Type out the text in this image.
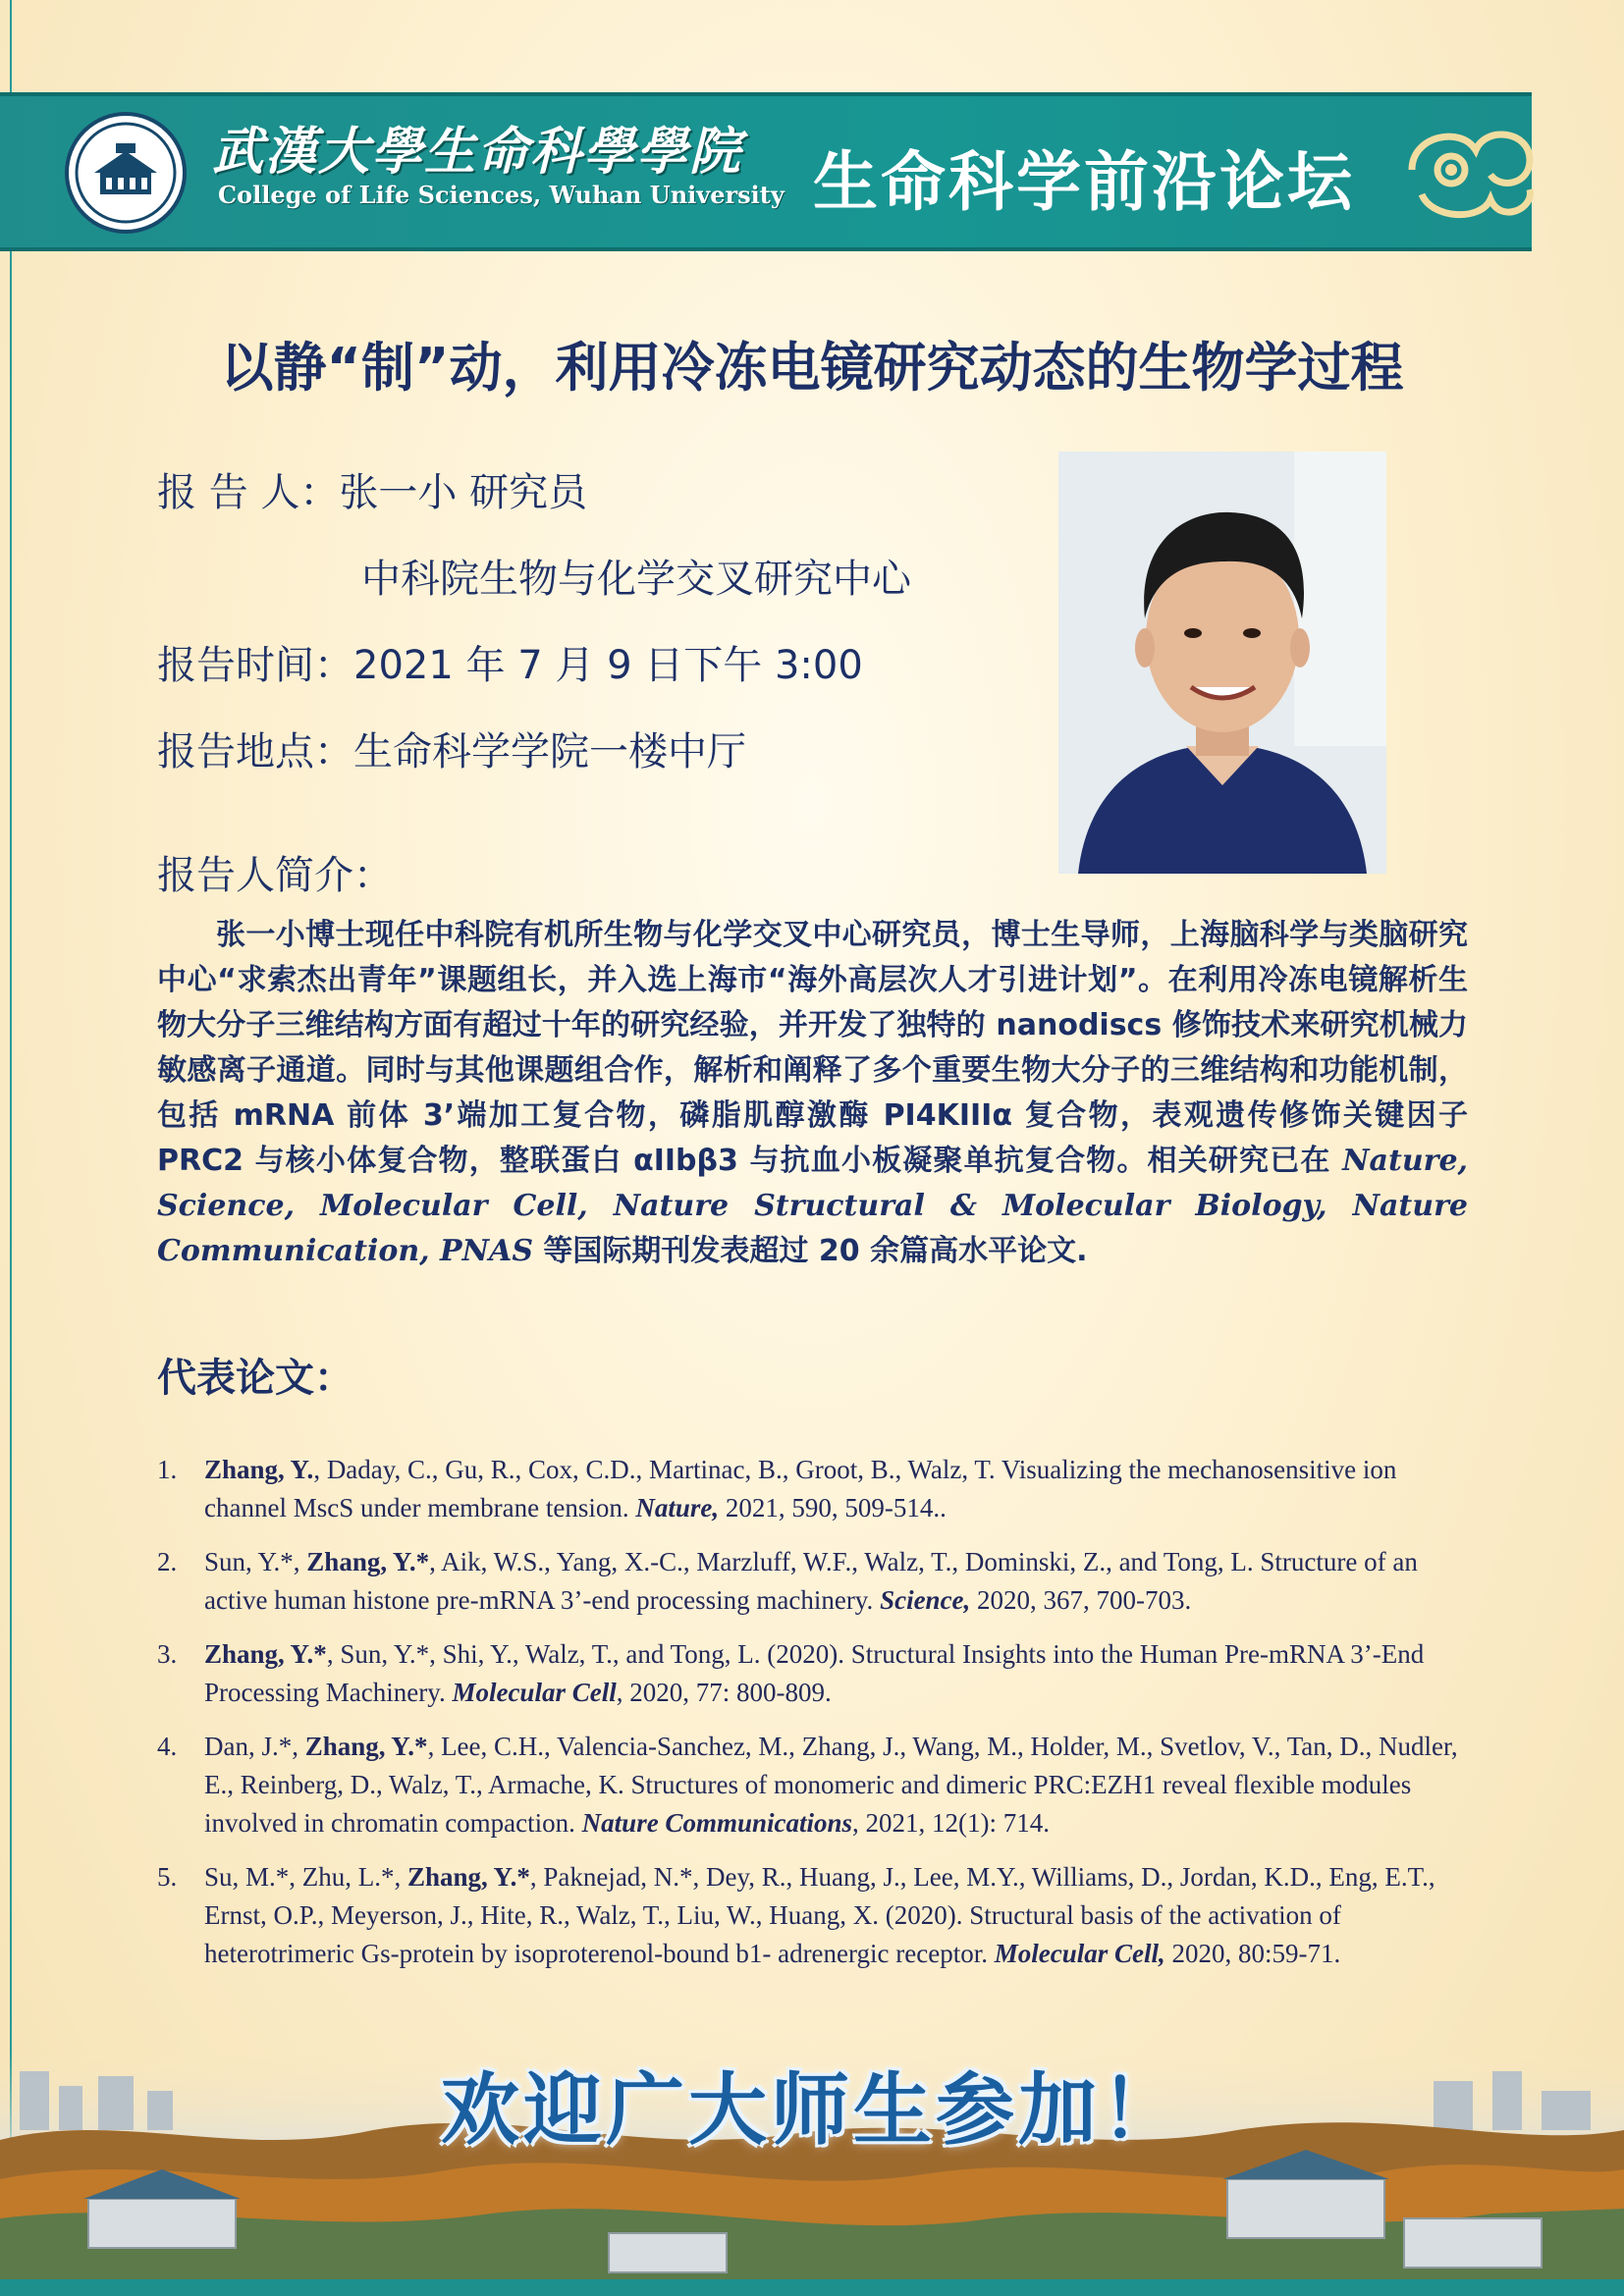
武漢大學生命科學學院
College of Life Sciences, Wuhan University 生命科学前沿论坛
以静“制”动，利用冷冻电镜研究动态的生物学过程
报 告 人：张一小 研究员
中科院生物与化学交叉研究中心
报告时间：2021 年 7 月 9 日下午 3:00
报告地点：生命科学学院一楼中厅
报告人简介：
张一小博士现任中科院有机所生物与化学交叉中心研究员，博士生导师，上海脑科学与类脑研究中心“求索杰出青年”课题组长，并入选上海市“海外高层次人才引进计划”。在利用冷冻电镜解析生物大分子三维结构方面有超过十年的研究经验，并开发了独特的 nanodiscs 修饰技术来研究机械力敏感离子通道。同时与其他课题组合作，解析和阐释了多个重要生物大分子的三维结构和功能机制，包括 mRNA 前体 3’端加工复合物，磷脂肌醇激酶 PI4KIIIα 复合物，表观遗传修饰关键因子 PRC2 与核小体复合物，整联蛋白 αIIbβ3 与抗血小板凝聚单抗复合物。相关研究已在 Nature, Science, Molecular Cell, Nature Structural & Molecular Biology, Nature Communication, PNAS 等国际期刊发表超过 20 余篇高水平论文.
代表论文：
1. Zhang, Y., Daday, C., Gu, R., Cox, C.D., Martinac, B., Groot, B., Walz, T. Visualizing the mechanosensitive ion channel MscS under membrane tension. Nature, 2021, 590, 509-514..
2. Sun, Y.*, Zhang, Y.*, Aik, W.S., Yang, X.-C., Marzluff, W.F., Walz, T., Dominski, Z., and Tong, L. Structure of an active human histone pre-mRNA 3’-end processing machinery. Science, 2020, 367, 700-703.
3. Zhang, Y.*, Sun, Y.*, Shi, Y., Walz, T., and Tong, L. (2020). Structural Insights into the Human Pre-mRNA 3’-End Processing Machinery. Molecular Cell, 2020, 77: 800-809.
4. Dan, J.*, Zhang, Y.*, Lee, C.H., Valencia-Sanchez, M., Zhang, J., Wang, M., Holder, M., Svetlov, V., Tan, D., Nudler, E., Reinberg, D., Walz, T., Armache, K. Structures of monomeric and dimeric PRC:EZH1 reveal flexible modules involved in chromatin compaction. Nature Communications, 2021, 12(1): 714.
5. Su, M.*, Zhu, L.*, Zhang, Y.*, Paknejad, N.*, Dey, R., Huang, J., Lee, M.Y., Williams, D., Jordan, K.D., Eng, E.T., Ernst, O.P., Meyerson, J., Hite, R., Walz, T., Liu, W., Huang, X. (2020). Structural basis of the activation of heterotrimeric Gs-protein by isoproterenol-bound b1- adrenergic receptor. Molecular Cell, 2020, 80:59-71.
欢迎广大师生参加！
